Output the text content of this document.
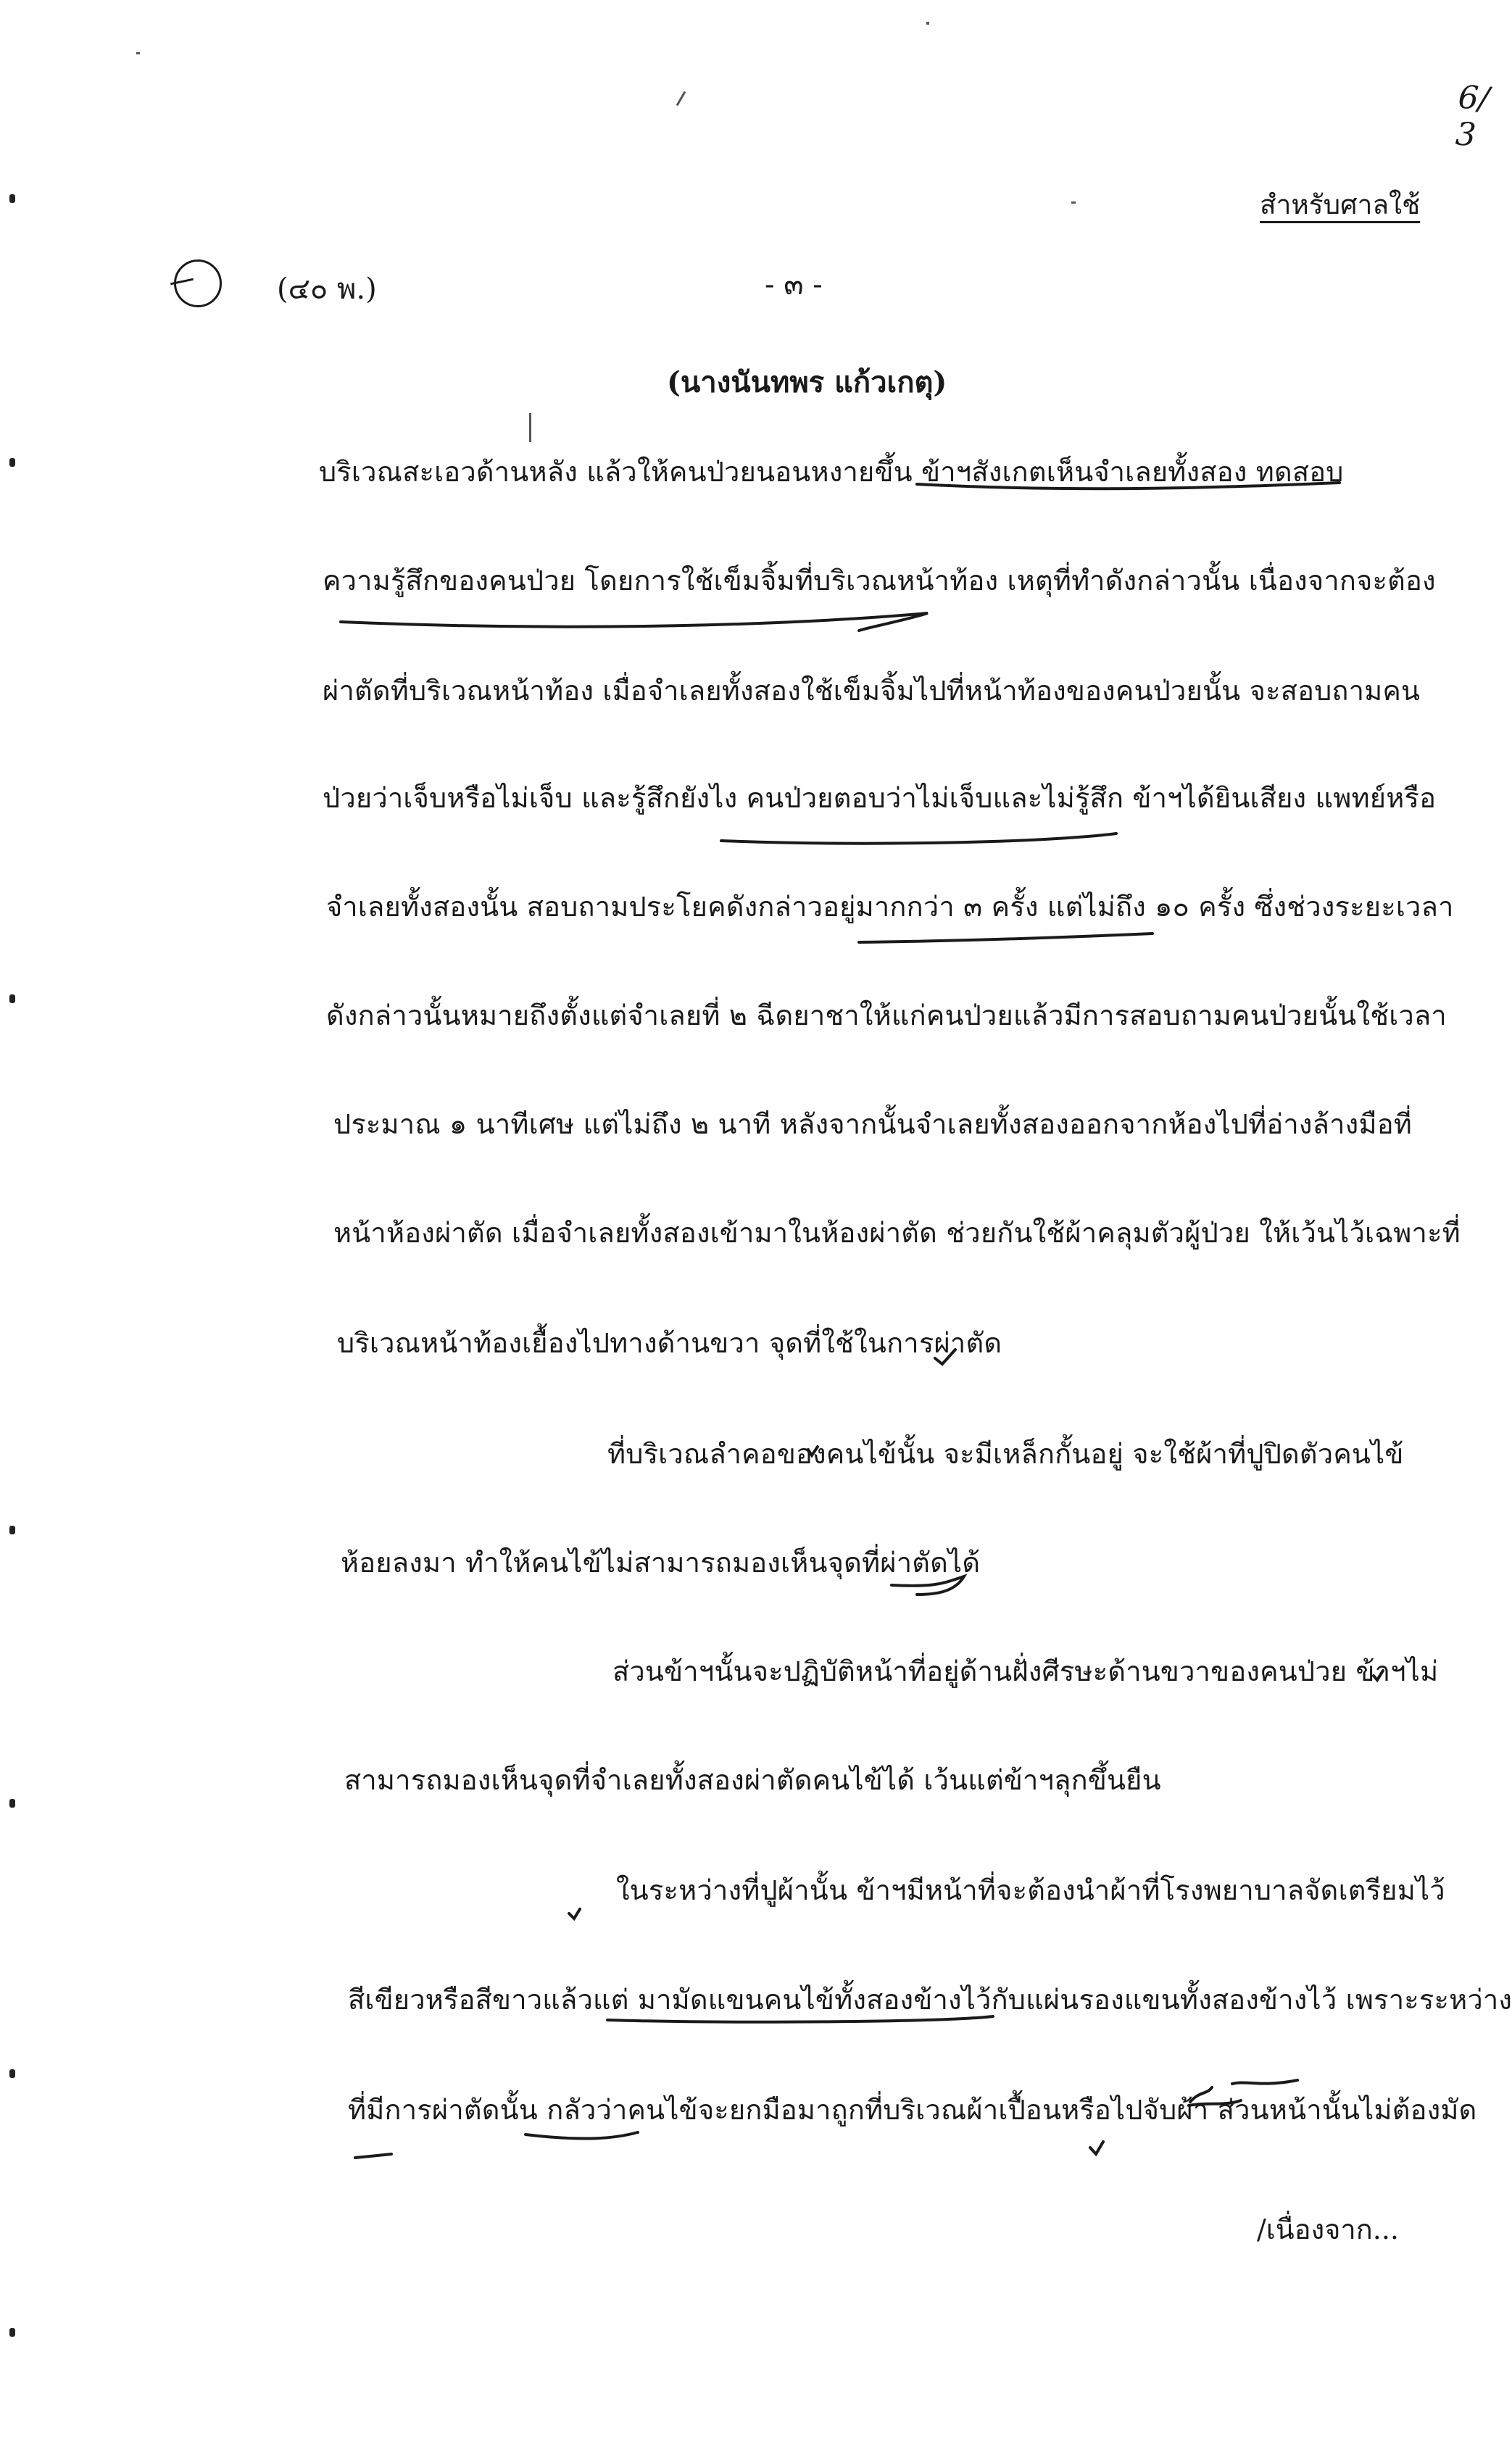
6/
3
สำหรับศาลใช้
(๔๐ พ.)	- ๓ -
(นางนันทพร แก้วเกตุ)
บริเวณสะเอวด้านหลัง แล้วให้คนป่วยนอนหงายขึ้น ข้าฯสังเกตเห็นจำเลยทั้งสอง ทดสอบ
ความรู้สึกของคนป่วย โดยการใช้เข็มจิ้มที่บริเวณหน้าท้อง เหตุที่ทำดังกล่าวนั้น เนื่องจากจะต้อง
ผ่าตัดที่บริเวณหน้าท้อง เมื่อจำเลยทั้งสองใช้เข็มจิ้มไปที่หน้าท้องของคนป่วยนั้น จะสอบถามคน
ป่วยว่าเจ็บหรือไม่เจ็บ และรู้สึกยังไง คนป่วยตอบว่าไม่เจ็บและไม่รู้สึก ข้าฯได้ยินเสียง แพทย์หรือ
จำเลยทั้งสองนั้น สอบถามประโยคดังกล่าวอยู่มากกว่า ๓ ครั้ง แต่ไม่ถึง ๑๐ ครั้ง ซึ่งช่วงระยะเวลา
ดังกล่าวนั้นหมายถึงตั้งแต่จำเลยที่ ๒ ฉีดยาชาให้แก่คนป่วยแล้วมีการสอบถามคนป่วยนั้นใช้เวลา
ประมาณ ๑ นาทีเศษ แต่ไม่ถึง ๒ นาที หลังจากนั้นจำเลยทั้งสองออกจากห้องไปที่อ่างล้างมือที่
หน้าห้องผ่าตัด เมื่อจำเลยทั้งสองเข้ามาในห้องผ่าตัด ช่วยกันใช้ผ้าคลุมตัวผู้ป่วย ให้เว้นไว้เฉพาะที่
บริเวณหน้าท้องเยื้องไปทางด้านขวา จุดที่ใช้ในการผ่าตัด
ที่บริเวณลำคอของคนไข้นั้น จะมีเหล็กกั้นอยู่ จะใช้ผ้าที่ปูปิดตัวคนไข้
ห้อยลงมา ทำให้คนไข้ไม่สามารถมองเห็นจุดที่ผ่าตัดได้
ส่วนข้าฯนั้นจะปฏิบัติหน้าที่อยู่ด้านฝั่งศีรษะด้านขวาของคนป่วย ข้าฯไม่
สามารถมองเห็นจุดที่จำเลยทั้งสองผ่าตัดคนไข้ได้ เว้นแต่ข้าฯลุกขึ้นยืน
ในระหว่างที่ปูผ้านั้น ข้าฯมีหน้าที่จะต้องนำผ้าที่โรงพยาบาลจัดเตรียมไว้
สีเขียวหรือสีขาวแล้วแต่ มามัดแขนคนไข้ทั้งสองข้างไว้กับแผ่นรองแขนทั้งสองข้างไว้ เพราะระหว่าง
ที่มีการผ่าตัดนั้น กลัวว่าคนไข้จะยกมือมาถูกที่บริเวณผ้าเปื้อนหรือไปจับผ้า ส่วนหน้านั้นไม่ต้องมัด
/เนื่องจาก...
